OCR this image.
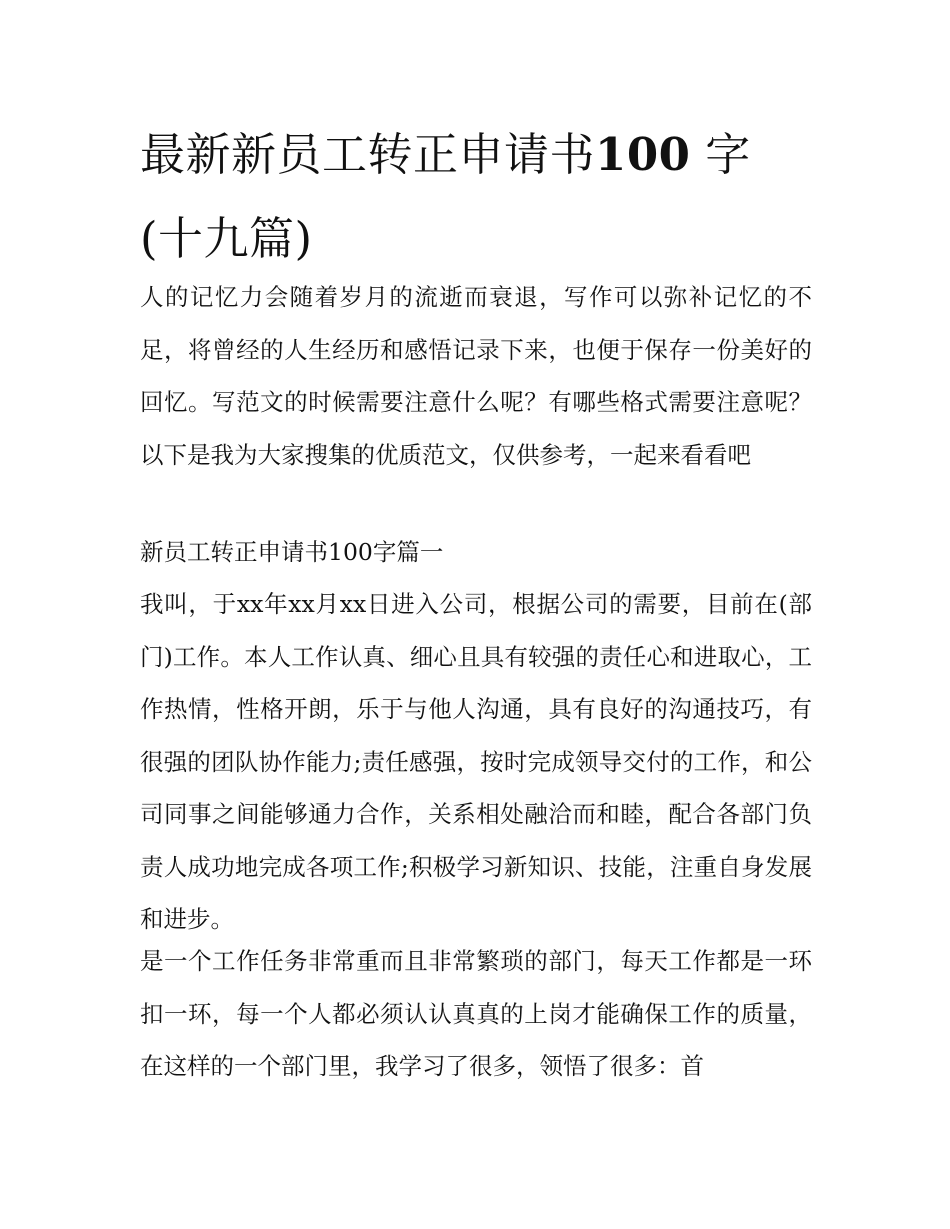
最新新员工转正申请书100 字
(十九篇)

人的记忆力会随着岁月的流逝而衰退，写作可以弥补记忆的不足，将曾经的人生经历和感悟记录下来，也便于保存一份美好的回忆。写范文的时候需要注意什么呢？有哪些格式需要注意呢？以下是我为大家搜集的优质范文，仅供参考，一起来看看吧

新员工转正申请书100字篇一

我叫，于xx年xx月xx日进入公司，根据公司的需要，目前在(部门)工作。本人工作认真、细心且具有较强的责任心和进取心，工作热情，性格开朗，乐于与他人沟通，具有良好的沟通技巧，有很强的团队协作能力;责任感强，按时完成领导交付的工作，和公司同事之间能够通力合作，关系相处融洽而和睦，配合各部门负责人成功地完成各项工作;积极学习新知识、技能，注重自身发展和进步。

是一个工作任务非常重而且非常繁琐的部门，每天工作都是一环扣一环，每一个人都必须认认真真的上岗才能确保工作的质量，在这样的一个部门里，我学习了很多，领悟了很多：首
